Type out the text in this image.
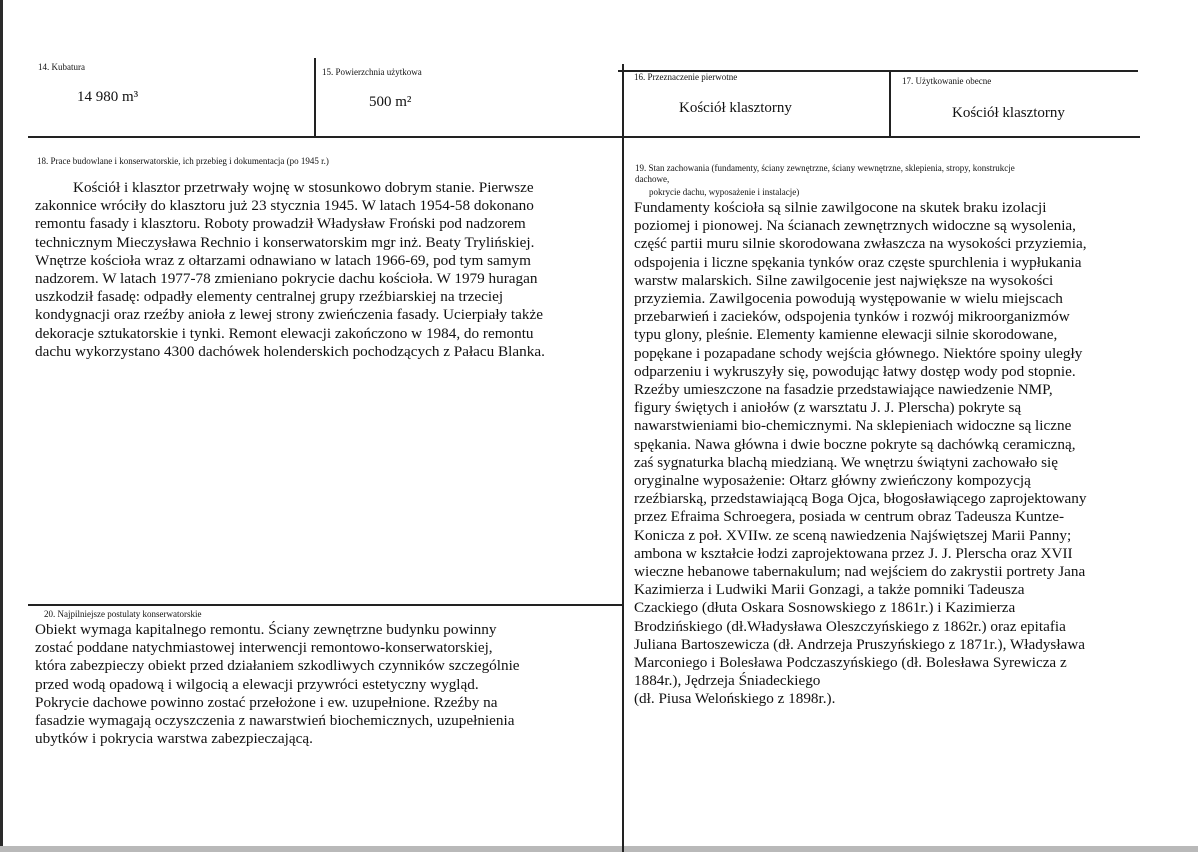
14. Kubatura
14 980 m³
15. Powierzchnia użytkowa
500 m²
16. Przeznaczenie pierwotne
Kościół klasztorny
17. Użytkowanie obecne
Kościół klasztorny
18. Prace budowlane i konserwatorskie, ich przebieg i dokumentacja (po 1945 r.)
Kościół i klasztor przetrwały wojnę w stosunkowo dobrym stanie. Pierwsze
zakonnice wróciły do klasztoru już 23 stycznia 1945. W latach 1954-58 dokonano
remontu fasady i klasztoru. Roboty prowadził Władysław Froński pod nadzorem
technicznym Mieczysława Rechnio i konserwatorskim mgr inż. Beaty Trylińskiej.
Wnętrze kościoła wraz z ołtarzami odnawiano w latach 1966-69, pod tym samym
nadzorem. W latach 1977-78 zmieniano pokrycie dachu kościoła. W 1979 huragan
uszkodził fasadę: odpadły elementy centralnej grupy rzeźbiarskiej na trzeciej
kondygnacji oraz rzeźby anioła z lewej strony zwieńczenia fasady. Ucierpiały także
dekoracje sztukatorskie i tynki. Remont elewacji zakończono w 1984, do remontu
dachu wykorzystano 4300 dachówek holenderskich pochodzących z Pałacu Blanka.
19. Stan zachowania (fundamenty, ściany zewnętrzne, ściany wewnętrzne, sklepienia, stropy, konstrukcje
dachowe,
pokrycie dachu, wyposażenie i instalacje)
Fundamenty kościoła są silnie zawilgocone na skutek braku izolacji
poziomej i pionowej. Na ścianach zewnętrznych widoczne są wysolenia,
część partii muru silnie skorodowana zwłaszcza na wysokości przyziemia,
odspojenia i liczne spękania tynków oraz częste spurchlenia i wypłukania
warstw malarskich. Silne zawilgocenie jest największe na wysokości
przyziemia. Zawilgocenia powodują występowanie w wielu miejscach
przebarwień i zacieków, odspojenia tynków i rozwój mikroorganizmów
typu glony, pleśnie. Elementy kamienne elewacji silnie skorodowane,
popękane i pozapadane schody wejścia głównego. Niektóre spoiny uległy
odparzeniu i wykruszyły się, powodując łatwy dostęp wody pod stopnie.
Rzeźby umieszczone na fasadzie przedstawiające nawiedzenie NMP,
figury świętych i aniołów (z warsztatu J. J. Plerscha) pokryte są
nawarstwieniami bio-chemicznymi. Na sklepieniach widoczne są liczne
spękania. Nawa główna i dwie boczne pokryte są dachówką ceramiczną,
zaś sygnaturka blachą miedzianą. We wnętrzu świątyni zachowało się
oryginalne wyposażenie: Ołtarz główny zwieńczony kompozycją
rzeźbiarską, przedstawiającą Boga Ojca, błogosławiącego zaprojektowany
przez Efraima Schroegera, posiada w centrum obraz Tadeusza Kuntze-
Konicza z poł. XVIIw. ze sceną nawiedzenia Najświętszej Marii Panny;
ambona w kształcie łodzi zaprojektowana przez J. J. Plerscha oraz XVII
wieczne hebanowe tabernakulum; nad wejściem do zakrystii portrety Jana
Kazimierza i Ludwiki Marii Gonzagi, a także pomniki Tadeusza
Czackiego (dłuta Oskara Sosnowskiego z 1861r.) i Kazimierza
Brodzińskiego (dł.Władysława Oleszczyńskiego z 1862r.) oraz epitafia
Juliana Bartoszewicza (dł. Andrzeja Pruszyńskiego z 1871r.), Władysława
Marconiego i Bolesława Podczaszyńskiego (dł. Bolesława Syrewicza z
1884r.), Jędrzeja Śniadeckiego
(dł. Piusa Welońskiego z 1898r.).
20. Najpilniejsze postulaty konserwatorskie
Obiekt wymaga kapitalnego remontu. Ściany zewnętrzne budynku powinny
zostać poddane natychmiastowej interwencji remontowo-konserwatorskiej,
która zabezpieczy obiekt przed działaniem szkodliwych czynników szczególnie
przed wodą opadową i wilgocią a elewacji przywróci estetyczny wygląd.
Pokrycie dachowe powinno zostać przełożone i ew. uzupełnione. Rzeźby na
fasadzie wymagają oczyszczenia z nawarstwień biochemicznych, uzupełnienia
ubytków i pokrycia warstwa zabezpieczającą.
